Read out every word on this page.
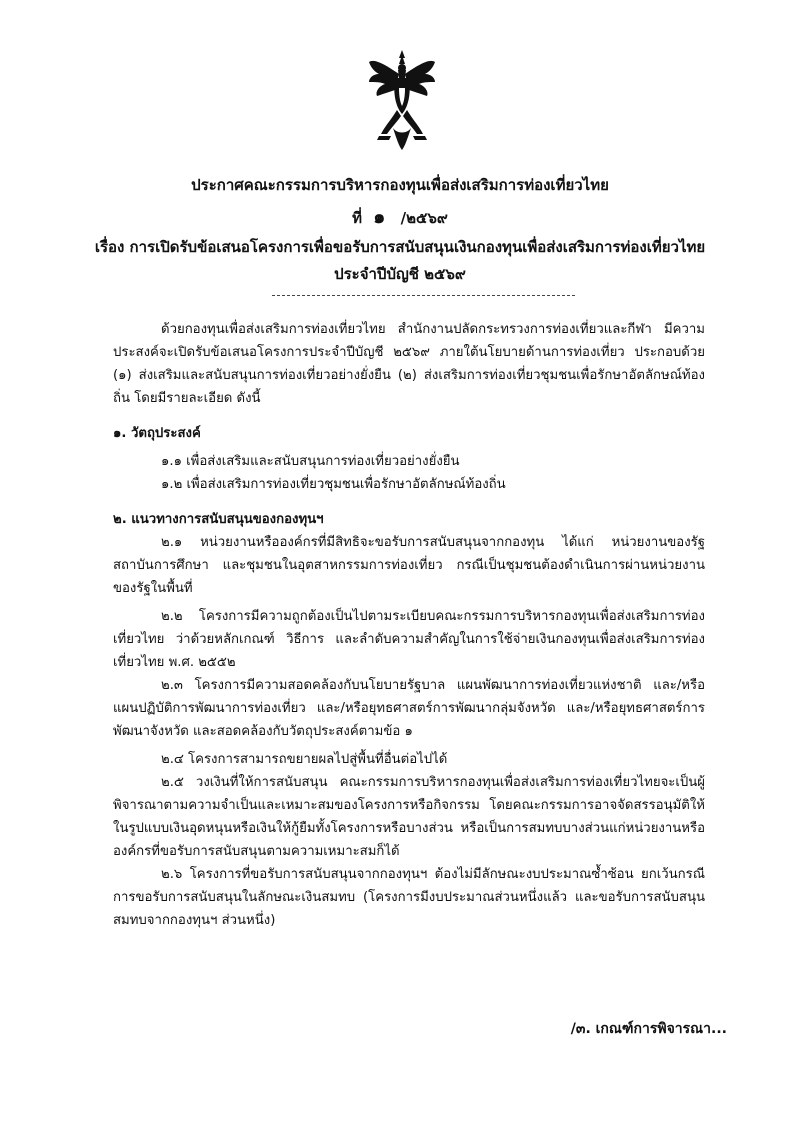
ประกาศคณะกรรมการบริหารกองทุนเพื่อส่งเสริมการท่องเที่ยวไทย
ที่ ๑ /๒๕๖๙
เรื่อง การเปิดรับข้อเสนอโครงการเพื่อขอรับการสนับสนุนเงินกองทุนเพื่อส่งเสริมการท่องเที่ยวไทย
ประจำปีบัญชี ๒๕๖๙

ด้วยกองทุนเพื่อส่งเสริมการท่องเที่ยวไทย สำนักงานปลัดกระทรวงการท่องเที่ยวและกีฬา มีความประสงค์จะเปิดรับข้อเสนอโครงการประจำปีบัญชี ๒๕๖๙ ภายใต้นโยบายด้านการท่องเที่ยว ประกอบด้วย (๑) ส่งเสริมและสนับสนุนการท่องเที่ยวอย่างยั่งยืน (๒) ส่งเสริมการท่องเที่ยวชุมชนเพื่อรักษาอัตลักษณ์ท้องถิ่น โดยมีรายละเอียด ดังนี้

๑. วัตถุประสงค์

๑.๑ เพื่อส่งเสริมและสนับสนุนการท่องเที่ยวอย่างยั่งยืน

๑.๒ เพื่อส่งเสริมการท่องเที่ยวชุมชนเพื่อรักษาอัตลักษณ์ท้องถิ่น

๒. แนวทางการสนับสนุนของกองทุนฯ

๒.๑ หน่วยงานหรือองค์กรที่มีสิทธิจะขอรับการสนับสนุนจากกองทุน ได้แก่ หน่วยงานของรัฐ สถาบันการศึกษา และชุมชนในอุตสาหกรรมการท่องเที่ยว กรณีเป็นชุมชนต้องดำเนินการผ่านหน่วยงานของรัฐในพื้นที่

๒.๒ โครงการมีความถูกต้องเป็นไปตามระเบียบคณะกรรมการบริหารกองทุนเพื่อส่งเสริมการท่องเที่ยวไทย ว่าด้วยหลักเกณฑ์ วิธีการ และลำดับความสำคัญในการใช้จ่ายเงินกองทุนเพื่อส่งเสริมการท่องเที่ยวไทย พ.ศ. ๒๕๕๒

๒.๓ โครงการมีความสอดคล้องกับนโยบายรัฐบาล แผนพัฒนาการท่องเที่ยวแห่งชาติ และ/หรือ แผนปฏิบัติการพัฒนาการท่องเที่ยว และ/หรือยุทธศาสตร์การพัฒนากลุ่มจังหวัด และ/หรือยุทธศาสตร์การพัฒนาจังหวัด และสอดคล้องกับวัตถุประสงค์ตามข้อ ๑

๒.๔ โครงการสามารถขยายผลไปสู่พื้นที่อื่นต่อไปได้

๒.๕ วงเงินที่ให้การสนับสนุน คณะกรรมการบริหารกองทุนเพื่อส่งเสริมการท่องเที่ยวไทยจะเป็นผู้พิจารณาตามความจำเป็นและเหมาะสมของโครงการหรือกิจกรรม โดยคณะกรรมการอาจจัดสรรอนุมัติให้ในรูปแบบเงินอุดหนุนหรือเงินให้กู้ยืมทั้งโครงการหรือบางส่วน หรือเป็นการสมทบบางส่วนแก่หน่วยงานหรือองค์กรที่ขอรับการสนับสนุนตามความเหมาะสมก็ได้

๒.๖ โครงการที่ขอรับการสนับสนุนจากกองทุนฯ ต้องไม่มีลักษณะงบประมาณซ้ำซ้อน ยกเว้นกรณีการขอรับการสนับสนุนในลักษณะเงินสมทบ (โครงการมีงบประมาณส่วนหนึ่งแล้ว และขอรับการสนับสนุนสมทบจากกองทุนฯ ส่วนหนึ่ง)

/๓. เกณฑ์การพิจารณา...
